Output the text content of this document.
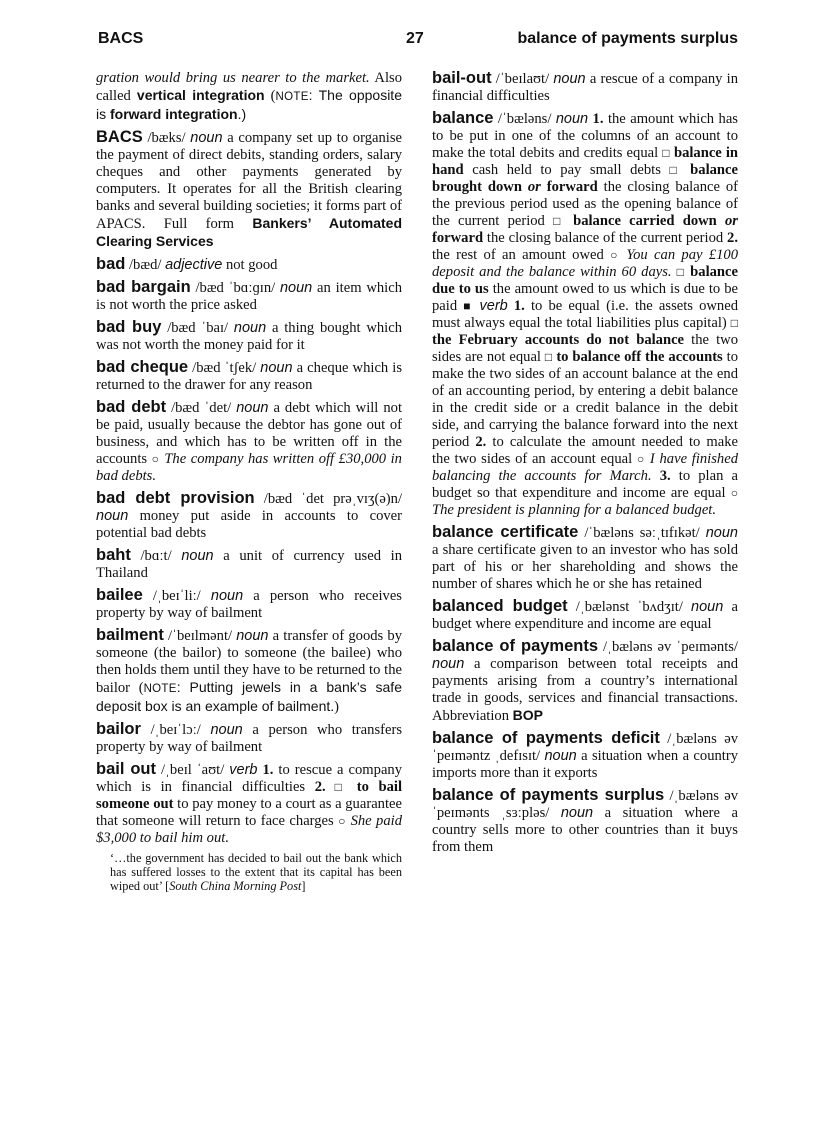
BACS	27	balance of payments surplus
gration would bring us nearer to the market. Also called vertical integration (NOTE: The opposite is forward integration.)
BACS /bæks/ noun a company set up to organise the payment of direct debits, standing orders, salary cheques and other payments generated by computers. It operates for all the British clearing banks and several building societies; it forms part of APACS. Full form Bankers’ Automated Clearing Services
bad /bæd/ adjective not good
bad bargain /bæd ˈbɑːɡɪn/ noun an item which is not worth the price asked
bad buy /bæd ˈbaɪ/ noun a thing bought which was not worth the money paid for it
bad cheque /bæd ˈtʃek/ noun a cheque which is returned to the drawer for any reason
bad debt /bæd ˈdet/ noun a debt which will not be paid, usually because the debtor has gone out of business, and which has to be written off in the accounts ○ The company has written off £30,000 in bad debts.
bad debt provision /bæd ˈdet prəˌvɪʒ(ə)n/ noun money put aside in accounts to cover potential bad debts
baht /bɑːt/ noun a unit of currency used in Thailand
bailee /ˌbeɪˈliː/ noun a person who receives property by way of bailment
bailment /ˈbeɪlmənt/ noun a transfer of goods by someone (the bailor) to someone (the bailee) who then holds them until they have to be returned to the bailor (NOTE: Putting jewels in a bank’s safe deposit box is an example of bailment.)
bailor /ˌbeɪˈlɔː/ noun a person who transfers property by way of bailment
bail out /ˌbeɪl ˈaʊt/ verb 1. to rescue a company which is in financial difficulties 2. □ to bail someone out to pay money to a court as a guarantee that someone will return to face charges ○ She paid $3,000 to bail him out.
‘…the government has decided to bail out the bank which has suffered losses to the extent that its capital has been wiped out’ [South China Morning Post]
bail-out /ˈbeɪlaʊt/ noun a rescue of a company in financial difficulties
balance /ˈbæləns/ noun 1. the amount which has to be put in one of the columns of an account to make the total debits and credits equal □ balance in hand cash held to pay small debts □ balance brought down or forward the closing balance of the previous period used as the opening balance of the current period □ balance carried down or forward the closing balance of the current period 2. the rest of an amount owed ○ You can pay £100 deposit and the balance within 60 days. □ balance due to us the amount owed to us which is due to be paid ■ verb 1. to be equal (i.e. the assets owned must always equal the total liabilities plus capital) □ the February accounts do not balance the two sides are not equal □ to balance off the accounts to make the two sides of an account balance at the end of an accounting period, by entering a debit balance in the credit side or a credit balance in the debit side, and carrying the balance forward into the next period 2. to calculate the amount needed to make the two sides of an account equal ○ I have finished balancing the accounts for March. 3. to plan a budget so that expenditure and income are equal ○ The president is planning for a balanced budget.
balance certificate /ˈbæləns səːˌtɪfɪkət/ noun a share certificate given to an investor who has sold part of his or her shareholding and shows the number of shares which he or she has retained
balanced budget /ˌbælənst ˈbʌdʒɪt/ noun a budget where expenditure and income are equal
balance of payments /ˌbæləns əv ˈpeɪmənts/ noun a comparison between total receipts and payments arising from a country’s international trade in goods, services and financial transactions. Abbreviation BOP
balance of payments deficit /ˌbæləns əv ˈpeɪməntz ˌdefɪsɪt/ noun a situation when a country imports more than it exports
balance of payments surplus /ˌbæləns əv ˈpeɪmənts ˌsɜːpləs/ noun a situation where a country sells more to other countries than it buys from them
